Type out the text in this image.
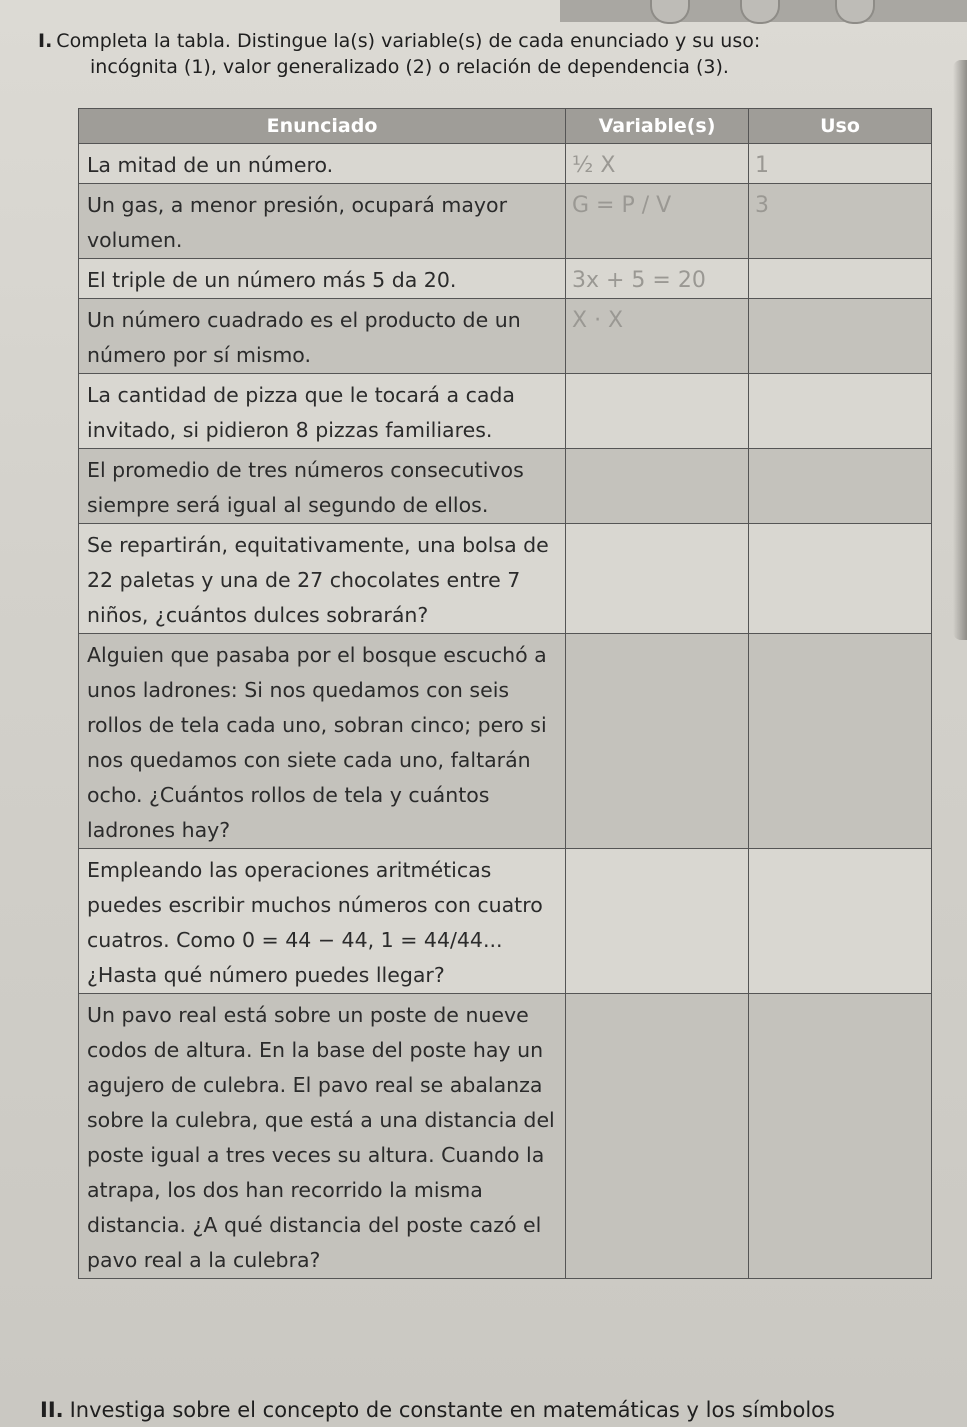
I. Completa la tabla. Distingue la(s) variable(s) de cada enunciado y su uso:
incógnita (1), valor generalizado (2) o relación de dependencia (3).
Enunciado	Variable(s)	Uso
La mitad de un número.	½ X	1
Un gas, a menor presión, ocupará mayor volumen.	G = P / V	3
El triple de un número más 5 da 20.	3x + 5 = 20	
Un número cuadrado es el producto de un número por sí mismo.	X · X	
La cantidad de pizza que le tocará a cada invitado, si pidieron 8 pizzas familiares.		
El promedio de tres números consecutivos siempre será igual al segundo de ellos.		
Se repartirán, equitativamente, una bolsa de 22 paletas y una de 27 chocolates entre 7 niños, ¿cuántos dulces sobrarán?		
Alguien que pasaba por el bosque escuchó a unos ladrones: Si nos quedamos con seis rollos de tela cada uno, sobran cinco; pero si nos quedamos con siete cada uno, faltarán ocho. ¿Cuántos rollos de tela y cuántos ladrones hay?		
Empleando las operaciones aritméticas puedes escribir muchos números con cuatro cuatros. Como 0 = 44 − 44, 1 = 44/44... ¿Hasta qué número puedes llegar?		
Un pavo real está sobre un poste de nueve codos de altura. En la base del poste hay un agujero de culebra. El pavo real se abalanza sobre la culebra, que está a una distancia del poste igual a tres veces su altura. Cuando la atrapa, los dos han recorrido la misma distancia. ¿A qué distancia del poste cazó el pavo real a la culebra?		
II. Investiga sobre el concepto de constante en matemáticas y los símbolos
